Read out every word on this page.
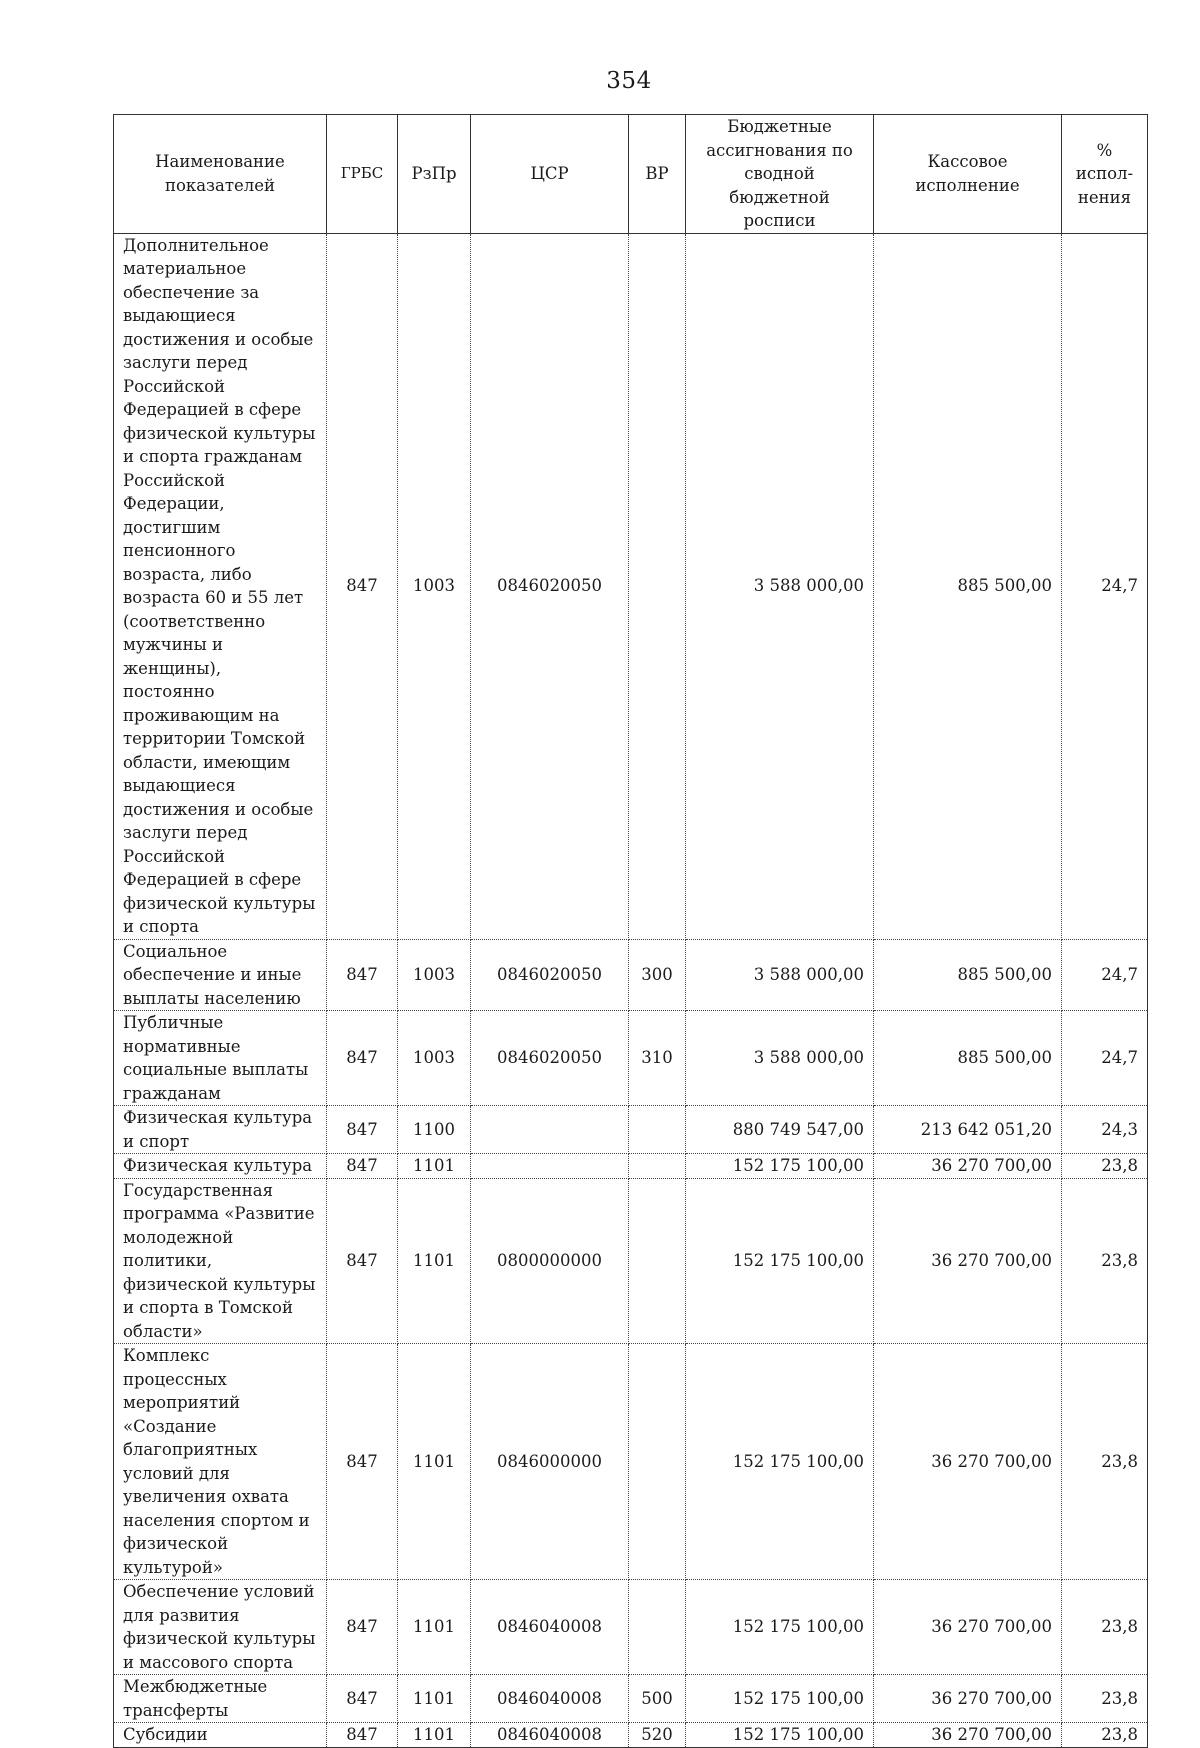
354
Наименование показателей	ГРБС	РзПр	ЦСР	ВР	Бюджетные ассигнования по сводной бюджетной росписи	Кассовое исполнение	% испол-нения
Дополнительное материальное обеспечение за выдающиеся достижения и особые заслуги перед Российской Федерацией в сфере физической культуры и спорта гражданам Российской Федерации, достигшим пенсионного возраста, либо возраста 60 и 55 лет (соответственно мужчины и женщины), постоянно проживающим на территории Томской области, имеющим выдающиеся достижения и особые заслуги перед Российской Федерацией в сфере физической культуры и спорта	847	1003	0846020050		3 588 000,00	885 500,00	24,7
Социальное обеспечение и иные выплаты населению	847	1003	0846020050	300	3 588 000,00	885 500,00	24,7
Публичные нормативные социальные выплаты гражданам	847	1003	0846020050	310	3 588 000,00	885 500,00	24,7
Физическая культура и спорт	847	1100			880 749 547,00	213 642 051,20	24,3
Физическая культура	847	1101			152 175 100,00	36 270 700,00	23,8
Государственная программа «Развитие молодежной политики, физической культуры и спорта в Томской области»	847	1101	0800000000		152 175 100,00	36 270 700,00	23,8
Комплекс процессных мероприятий «Создание благоприятных условий для увеличения охвата населения спортом и физической культурой»	847	1101	0846000000		152 175 100,00	36 270 700,00	23,8
Обеспечение условий для развития физической культуры и массового спорта	847	1101	0846040008		152 175 100,00	36 270 700,00	23,8
Межбюджетные трансферты	847	1101	0846040008	500	152 175 100,00	36 270 700,00	23,8
Субсидии	847	1101	0846040008	520	152 175 100,00	36 270 700,00	23,8
